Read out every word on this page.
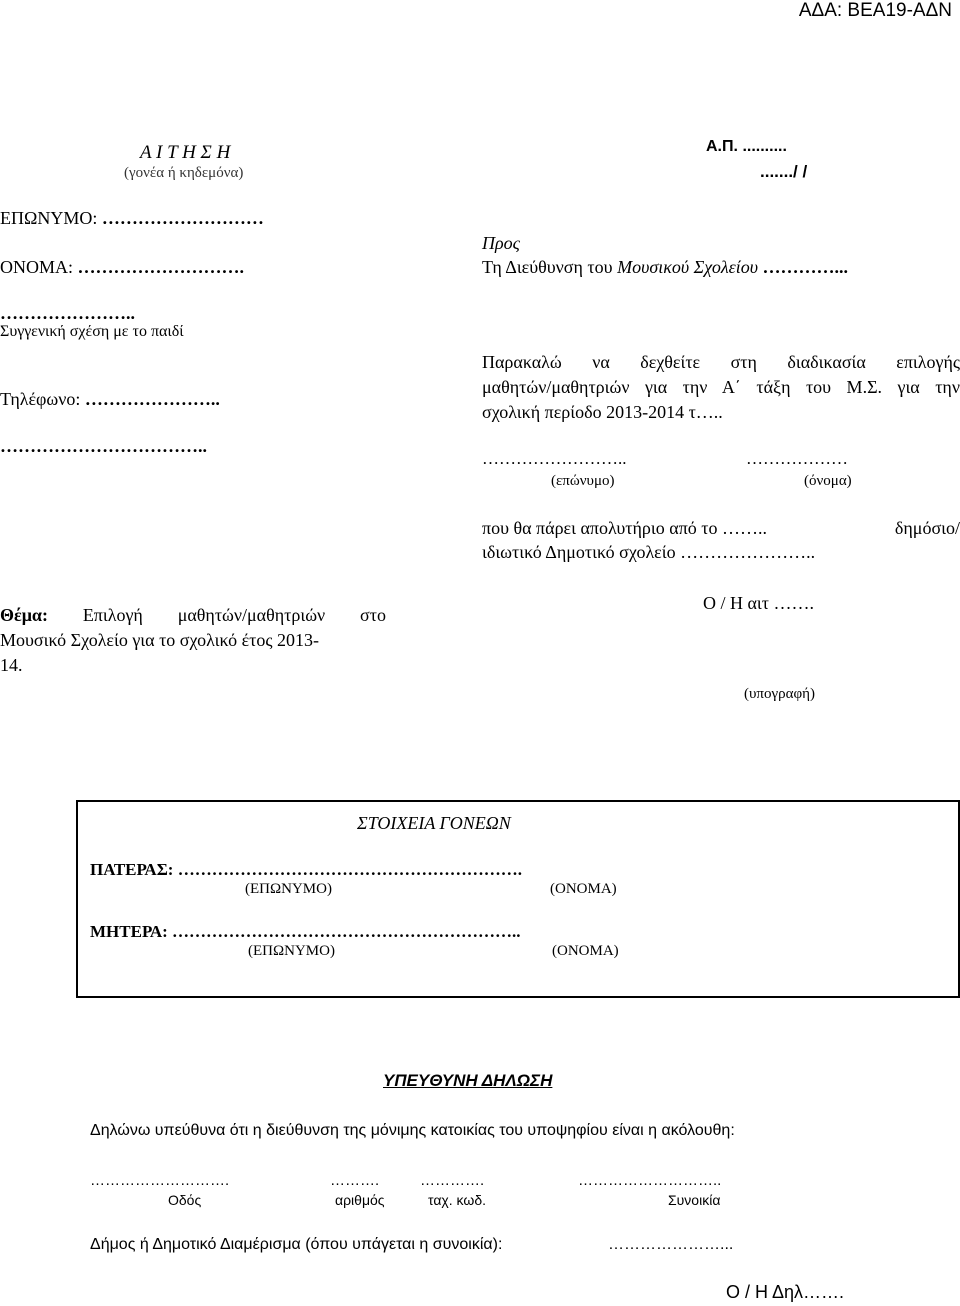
ΑΔΑ: ΒΕΑ19-ΑΔΝ
Α Ι Τ Η Σ Η
(γονέα ή κηδεμόνα)
ΕΠΩΝΥΜΟ: ………………………
ΟΝΟΜΑ: ……………………….
…………………..
Συγγενική σχέση με το παιδί
Τηλέφωνο: …………………..
……………………………..
Θέμα: Επιλογή μαθητών/μαθητριών στο
Μουσικό Σχολείο για το σχολικό έτος 2013-
14.
Α.Π. ..........
......./ /
Προς
Τη Διεύθυνση του Μουσικού Σχολείου …………...
Παρακαλώ να δεχθείτε στη διαδικασία επιλογής
μαθητών/μαθητριών για την Α΄ τάξη του Μ.Σ. για την
σχολική περίοδο 2013-2014 τ…..
……………………..	………………
(επώνυμο)	(όνομα)
που θα πάρει απολυτήριο από το ……..	δημόσιο/
ιδιωτικό Δημοτικό σχολείο …………………..
Ο / Η αιτ …….
(υπογραφή)
ΣΤΟΙΧΕΙΑ ΓΟΝΕΩΝ
ΠΑΤΕΡΑΣ: …………………………………………………….
(ΕΠΩΝΥΜΟ)	(ΟΝΟΜΑ)
ΜΗΤΕΡΑ: ……………………………………………………..
(ΕΠΩΝΥΜΟ)	(ΟΝΟΜΑ)
ΥΠΕΥΘΥΝΗ ΔΗΛΩΣΗ
Δηλώνω υπεύθυνα ότι η διεύθυνση της μόνιμης κατοικίας του υποψηφίου είναι η ακόλουθη:
……………………….	……….	………….	………………………..
Οδός	αριθμός	ταχ. κωδ.	Συνοικία
Δήμος ή Δημοτικό Διαμέρισμα (όπου υπάγεται η συνοικία):	…………………...
Ο / Η Δηλ…….
